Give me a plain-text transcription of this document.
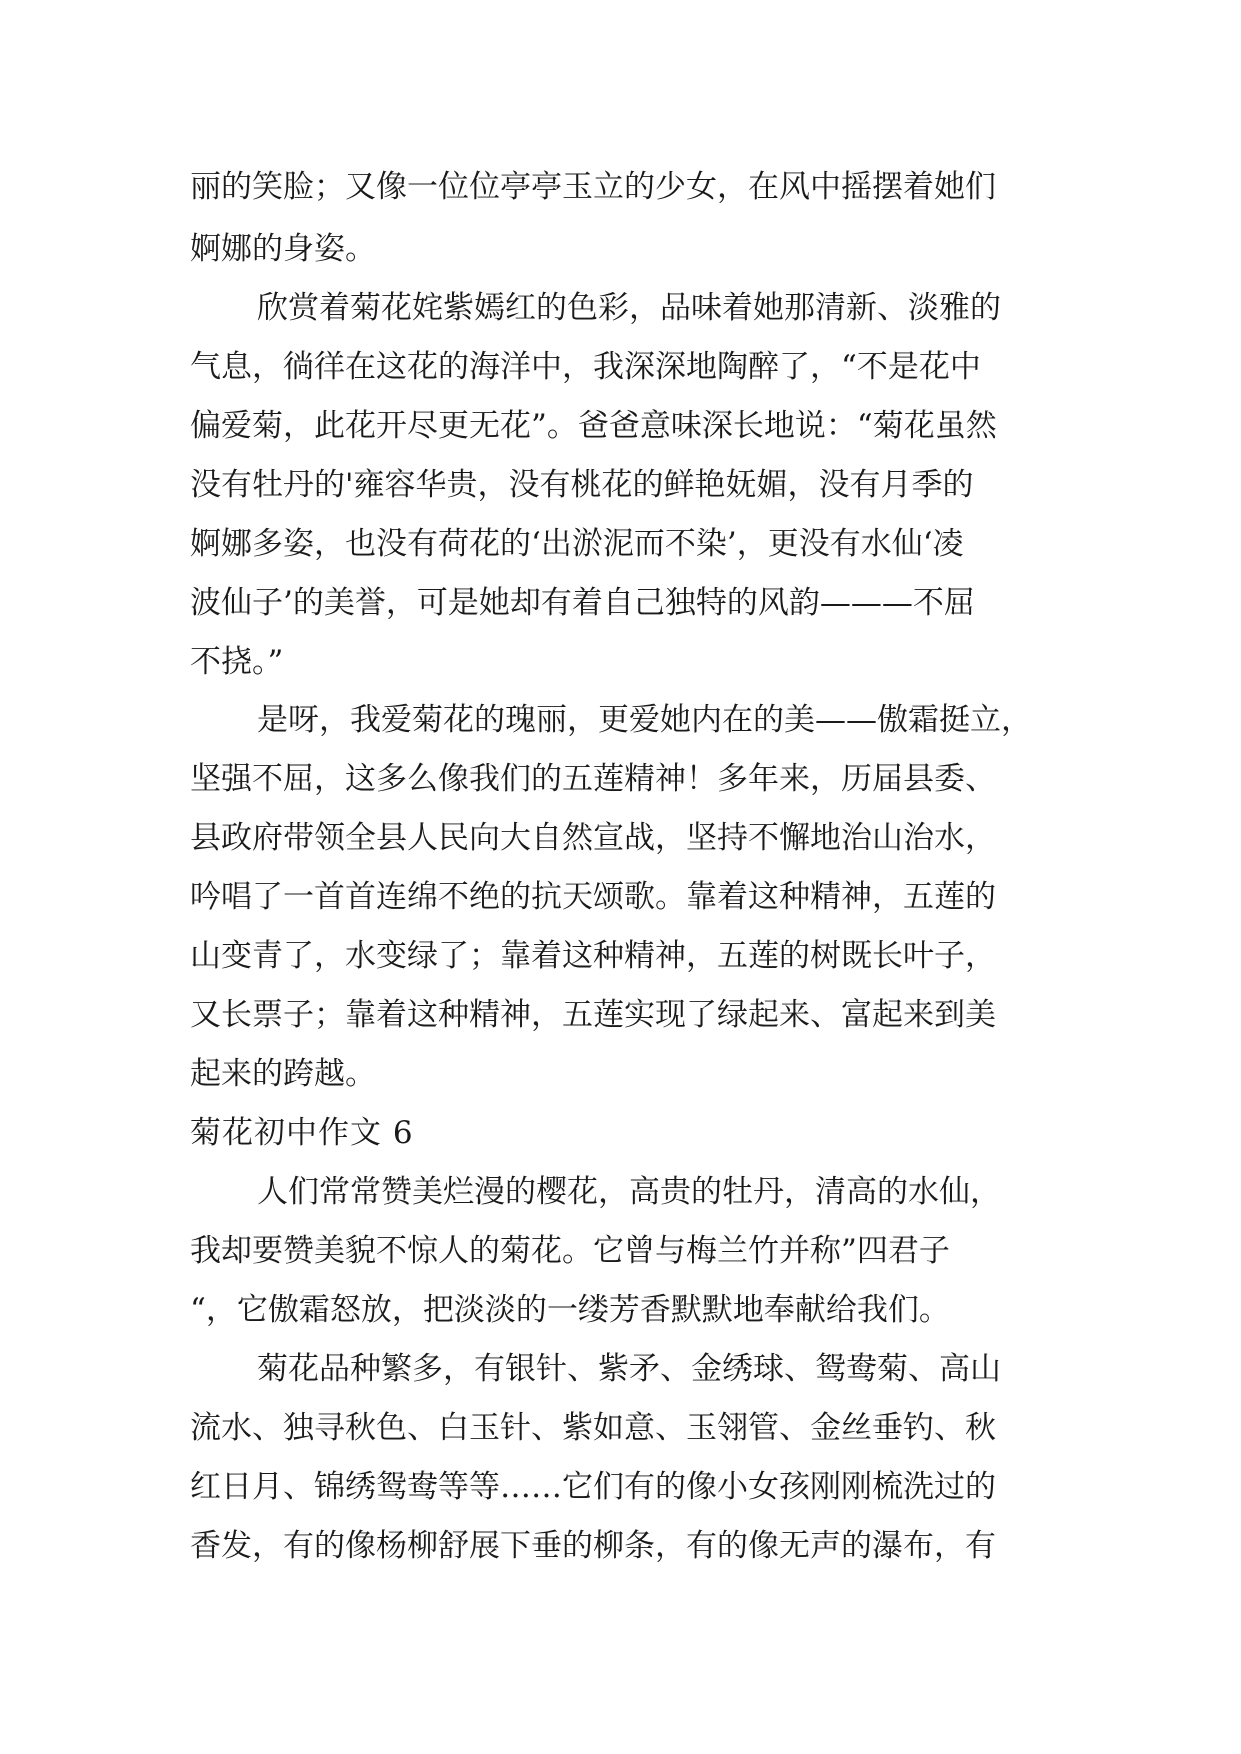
丽的笑脸；又像一位位亭亭玉立的少女，在风中摇摆着她们
婀娜的身姿。
欣赏着菊花姹紫嫣红的色彩，品味着她那清新、淡雅的
气息，徜徉在这花的海洋中，我深深地陶醉了，“不是花中
偏爱菊，此花开尽更无花”。爸爸意味深长地说：“菊花虽然
没有牡丹的'雍容华贵，没有桃花的鲜艳妩媚，没有月季的
婀娜多姿，也没有荷花的‘出淤泥而不染’，更没有水仙‘凌
波仙子’的美誉，可是她却有着自己独特的风韵———不屈
不挠。”
是呀，我爱菊花的瑰丽，更爱她内在的美——傲霜挺立，
坚强不屈，这多么像我们的五莲精神！多年来，历届县委、
县政府带领全县人民向大自然宣战，坚持不懈地治山治水，
吟唱了一首首连绵不绝的抗天颂歌。靠着这种精神，五莲的
山变青了，水变绿了；靠着这种精神，五莲的树既长叶子，
又长票子；靠着这种精神，五莲实现了绿起来、富起来到美
起来的跨越。
菊花初中作文 6
人们常常赞美烂漫的樱花，高贵的牡丹，清高的水仙，
我却要赞美貌不惊人的菊花。它曾与梅兰竹并称”四君子
“，它傲霜怒放，把淡淡的一缕芳香默默地奉献给我们。
菊花品种繁多，有银针、紫矛、金绣球、鸳鸯菊、高山
流水、独寻秋色、白玉针、紫如意、玉翎管、金丝垂钓、秋
红日月、锦绣鸳鸯等等……它们有的像小女孩刚刚梳洗过的
香发，有的像杨柳舒展下垂的柳条，有的像无声的瀑布，有
